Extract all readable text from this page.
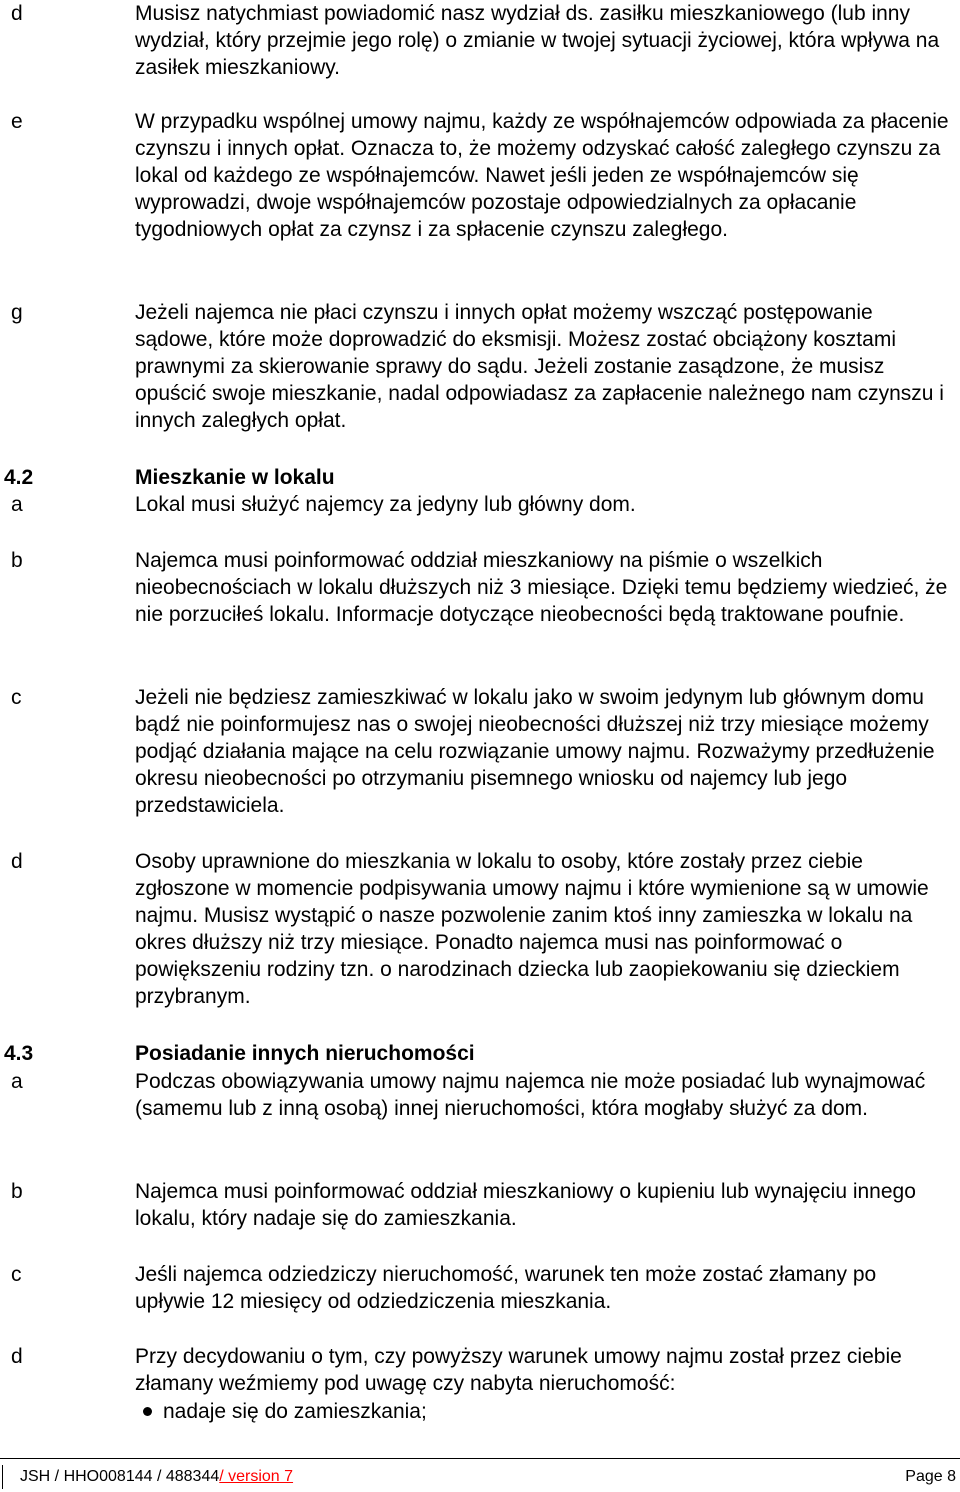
d	Musisz natychmiast powiadomić nasz wydział ds. zasiłku mieszkaniowego (lub inny wydział, który przejmie jego rolę) o zmianie w twojej sytuacji życiowej, która wpływa na zasiłek mieszkaniowy.
e	W przypadku wspólnej umowy najmu, każdy ze współnajemców odpowiada za płacenie czynszu i innych opłat. Oznacza to, że możemy odzyskać całość zaległego czynszu za lokal od każdego ze współnajemców. Nawet jeśli jeden ze współnajemców się wyprowadzi, dwoje współnajemców pozostaje odpowiedzialnych za opłacanie tygodniowych opłat za czynsz i za spłacenie czynszu zaległego.
g	Jeżeli najemca nie płaci czynszu i innych opłat możemy wszcząć postępowanie sądowe, które może doprowadzić do eksmisji. Możesz zostać obciążony kosztami prawnymi za skierowanie sprawy do sądu. Jeżeli zostanie zasądzone, że musisz opuścić swoje mieszkanie, nadal odpowiadasz za zapłacenie należnego nam czynszu i innych zaległych opłat.
4.2	Mieszkanie w lokalu
a	Lokal musi służyć najemcy za jedyny lub główny dom.
b	Najemca musi poinformować oddział mieszkaniowy na piśmie o wszelkich nieobecnościach w lokalu dłuższych niż 3 miesiące. Dzięki temu będziemy wiedzieć, że nie porzuciłeś lokalu. Informacje dotyczące nieobecności będą traktowane poufnie.
c	Jeżeli nie będziesz zamieszkiwać w lokalu jako w swoim jedynym lub głównym domu bądź nie poinformujesz nas o swojej nieobecności dłuższej niż trzy miesiące możemy podjąć działania mające na celu rozwiązanie umowy najmu. Rozważymy przedłużenie okresu nieobecności po otrzymaniu pisemnego wniosku od najemcy lub jego przedstawiciela.
d	Osoby uprawnione do mieszkania w lokalu to osoby, które zostały przez ciebie zgłoszone w momencie podpisywania umowy najmu i które wymienione są w umowie najmu. Musisz wystąpić o nasze pozwolenie zanim ktoś inny zamieszka w lokalu na okres dłuższy niż trzy miesiące. Ponadto najemca musi nas poinformować o powiększeniu rodziny tzn. o narodzinach dziecka lub zaopiekowaniu się dzieckiem przybranym.
4.3	Posiadanie innych nieruchomości
a	Podczas obowiązywania umowy najmu najemca nie może posiadać lub wynajmować (samemu lub z inną osobą) innej nieruchomości, która mogłaby służyć za dom.
b	Najemca musi poinformować oddział mieszkaniowy o kupieniu lub wynajęciu innego lokalu, który nadaje się do zamieszkania.
c	Jeśli najemca odziedziczy nieruchomość, warunek ten może zostać złamany po upływie 12 miesięcy od odziedziczenia mieszkania.
d	Przy decydowaniu o tym, czy powyższy warunek umowy najmu został przez ciebie złamany weźmiemy pod uwagę czy nabyta nieruchomość:
nadaje się do zamieszkania;
JSH / HHO008144 / 488344/ version 7	Page 8
